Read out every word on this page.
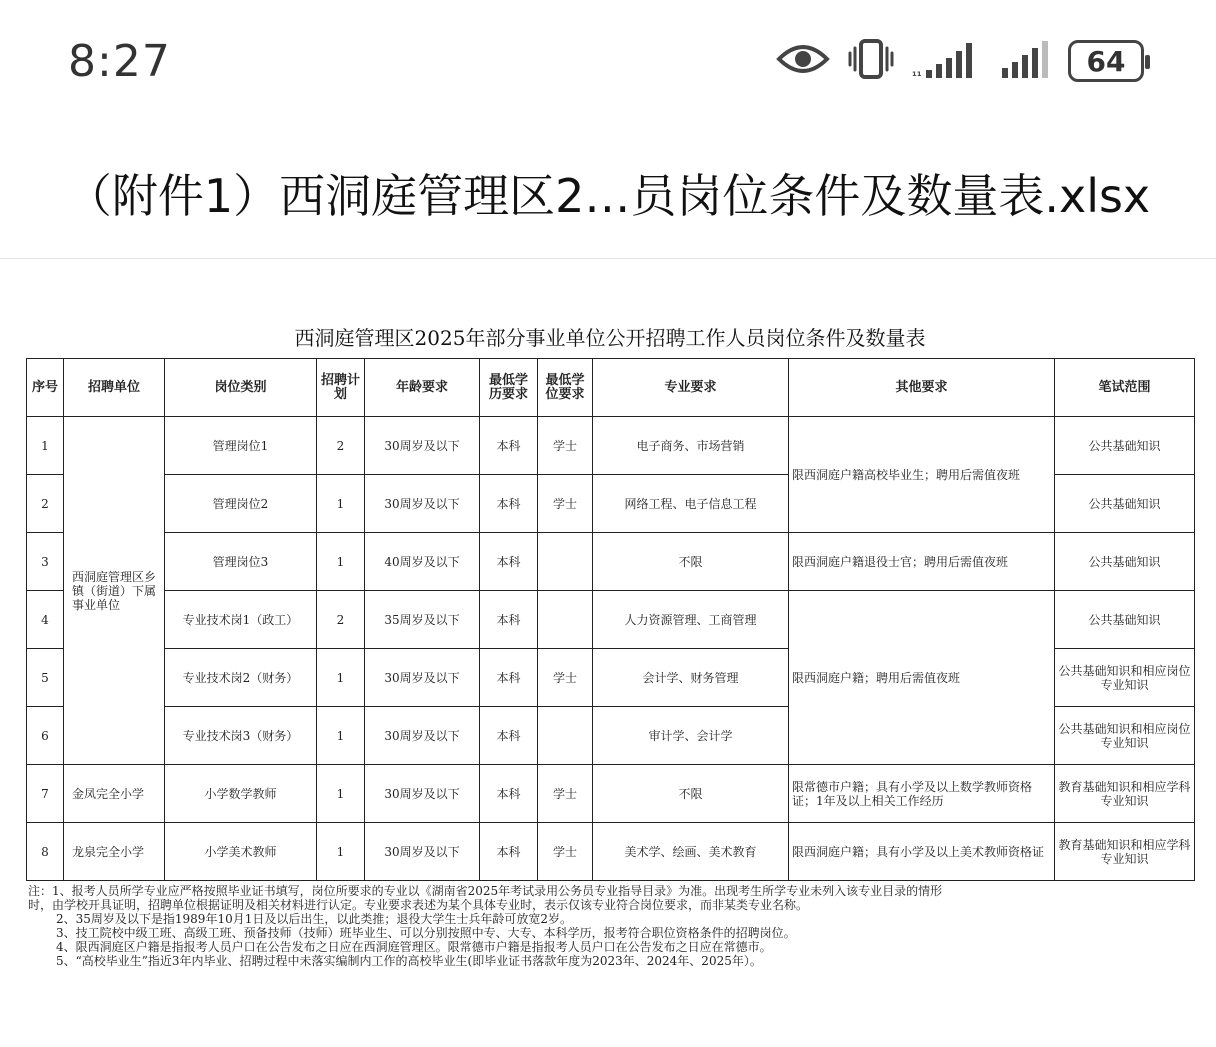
8:27	₁₁	64
（附件1）西洞庭管理区2…员岗位条件及数量表.xlsx
西洞庭管理区2025年部分事业单位公开招聘工作人员岗位条件及数量表
序号	招聘单位	岗位类别	招聘计划	年龄要求	最低学历要求	最低学位要求	专业要求	其他要求	笔试范围
1	西洞庭管理区乡镇（街道）下属事业单位	管理岗位1	2	30周岁及以下	本科	学士	电子商务、市场营销	限西洞庭户籍高校毕业生；聘用后需值夜班	公共基础知识
2		管理岗位2	1	30周岁及以下	本科	学士	网络工程、电子信息工程		公共基础知识
3		管理岗位3	1	40周岁及以下	本科		不限	限西洞庭户籍退役士官；聘用后需值夜班	公共基础知识
4		专业技术岗1（政工）	2	35周岁及以下	本科		人力资源管理、工商管理	限西洞庭户籍；聘用后需值夜班	公共基础知识
5		专业技术岗2（财务）	1	30周岁及以下	本科	学士	会计学、财务管理		公共基础知识和相应岗位专业知识
6		专业技术岗3（财务）	1	30周岁及以下	本科		审计学、会计学		公共基础知识和相应岗位专业知识
7	金凤完全小学	小学数学教师	1	30周岁及以下	本科	学士	不限	限常德市户籍；具有小学及以上数学教师资格证；1年及以上相关工作经历	教育基础知识和相应学科专业知识
8	龙泉完全小学	小学美术教师	1	30周岁及以下	本科	学士	美术学、绘画、美术教育	限西洞庭户籍；具有小学及以上美术教师资格证	教育基础知识和相应学科专业知识
注：1、报考人员所学专业应严格按照毕业证书填写，岗位所要求的专业以《湖南省2025年考试录用公务员专业指导目录》为准。出现考生所学专业未列入该专业目录的情形
时，由学校开具证明，招聘单位根据证明及相关材料进行认定。专业要求表述为某个具体专业时，表示仅该专业符合岗位要求，而非某类专业名称。
2、35周岁及以下是指1989年10月1日及以后出生，以此类推；退役大学生士兵年龄可放宽2岁。
3、技工院校中级工班、高级工班、预备技师（技师）班毕业生、可以分别按照中专、大专、本科学历，报考符合职位资格条件的招聘岗位。
4、限西洞庭区户籍是指报考人员户口在公告发布之日应在西洞庭管理区。限常德市户籍是指报考人员户口在公告发布之日应在常德市。
5、“高校毕业生”指近3年内毕业、招聘过程中未落实编制内工作的高校毕业生(即毕业证书落款年度为2023年、2024年、2025年）。
